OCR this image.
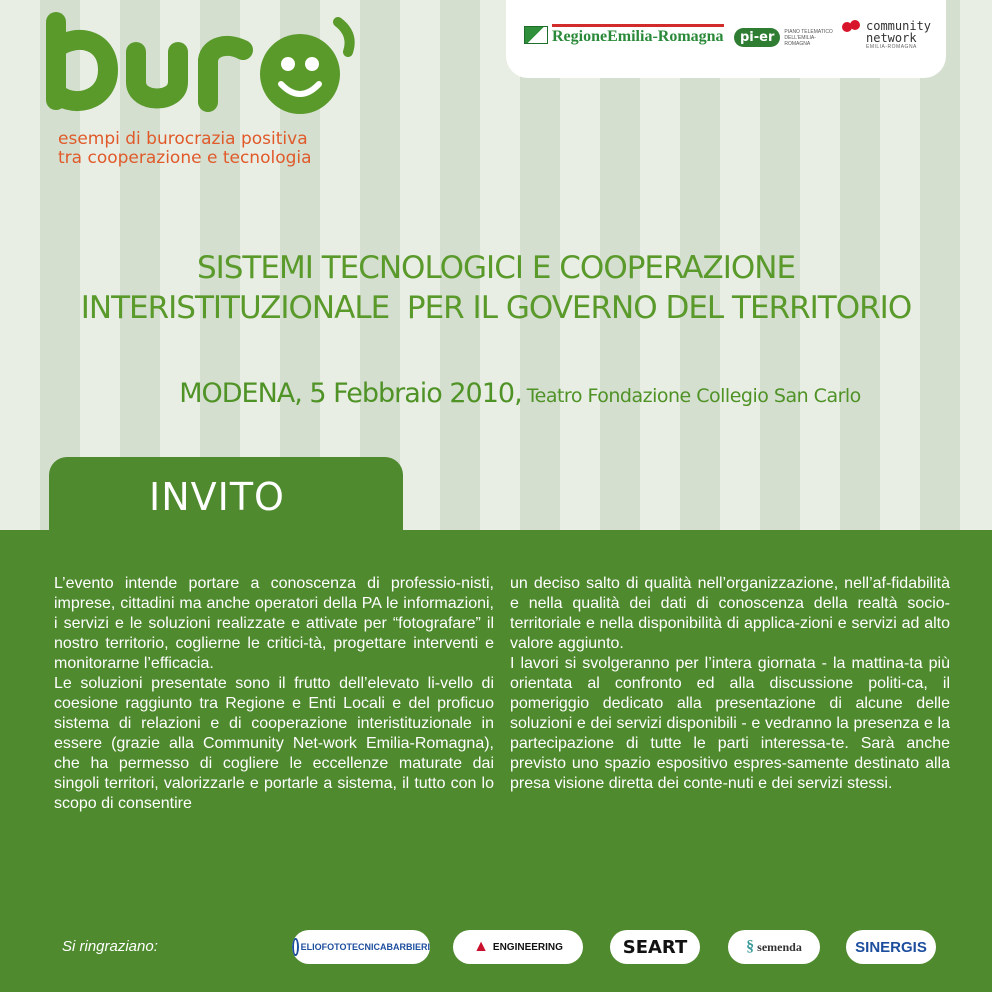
esempi di burocrazia positiva
tra cooperazione e tecnologia
RegioneEmilia-Romagna	pi-er	PIANO TELEMATICO DELL'EMILIA-ROMAGNA
community
network
EMILIA-ROMAGNA
SISTEMI TECNOLOGICI E COOPERAZIONE
INTERISTITUZIONALE  PER IL GOVERNO DEL TERRITORIO
MODENA, 5 Febbraio 2010, Teatro Fondazione Collegio San Carlo
INVITO

L’evento intende portare a conoscenza di professio-nisti, imprese, cittadini ma anche operatori della PA le informazioni, i servizi e le soluzioni realizzate e attivate per “fotografare” il nostro territorio, coglierne le critici-tà, progettare interventi e monitorarne l’efficacia.

Le soluzioni presentate sono il frutto dell’elevato li-vello di coesione raggiunto tra Regione e Enti Locali e del proficuo sistema di relazioni e di cooperazione interistituzionale in essere (grazie alla Community Net-work Emilia-Romagna), che ha permesso di cogliere le eccellenze maturate dai singoli territori, valorizzarle e portarle a sistema, il tutto con lo scopo di consentire

un deciso salto di qualità nell’organizzazione, nell’af-fidabilità e nella qualità dei dati di conoscenza della realtà socio-territoriale e nella disponibilità di applica-zioni e servizi ad alto valore aggiunto.

I lavori si svolgeranno per l’intera giornata - la mattina-ta più orientata al confronto ed alla discussione politi-ca, il pomeriggio dedicato alla presentazione di alcune delle soluzioni e dei servizi disponibili - e vedranno la presenza e la partecipazione di tutte le parti interessa-te. Sarà anche previsto uno spazio espositivo espres-samente destinato alla presa visione diretta dei conte-nuti e dei servizi stessi.

Si ringraziano:	ELIOFOTOTECNICABARBIERI	▲ ENGINEERING	SEART	§ semenda	SINERGIS
